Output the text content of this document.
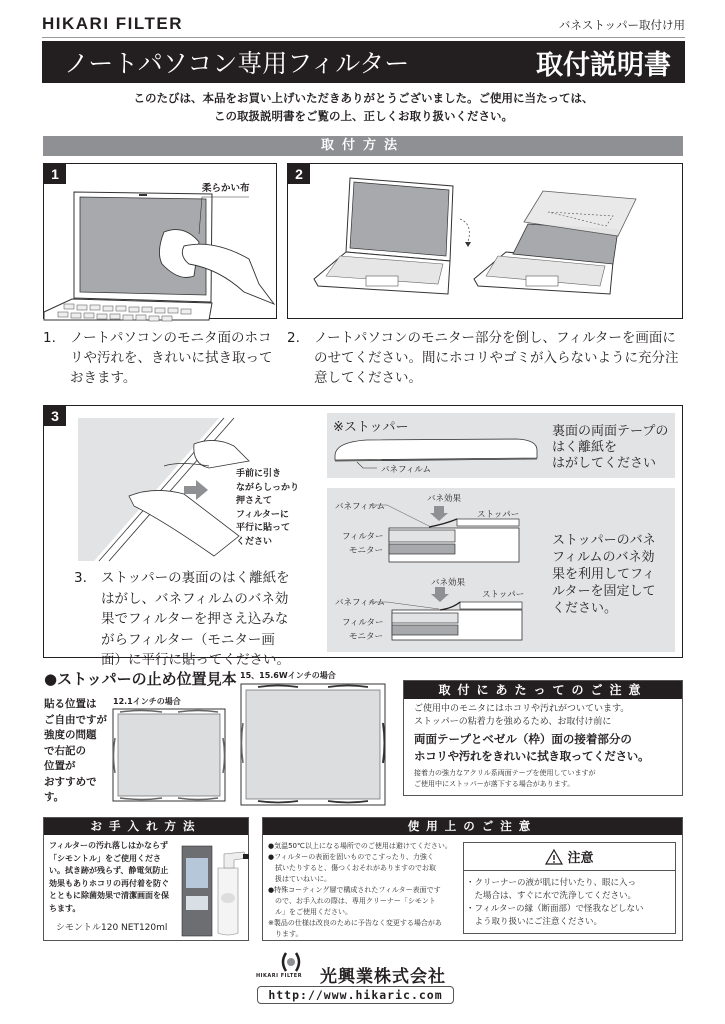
HIKARI FILTER	バネストッパー取付け用
ノートパソコン専用フィルター	取付説明書
このたびは、本品をお買い上げいただきありがとうございました。ご使用に当たっては、
この取扱説明書をご覧の上、正しくお取り扱いください。
取付方法
1
柔らかい布
2
1. ノートパソコンのモニタ面のホコ
リや汚れを、きれいに拭き取っておきます。
2. ノートパソコンのモニター部分を倒し、フィルターを画面に
のせてください。間にホコリやゴミが入らないように充分注意してください。
3
手前に引き
ながらしっかり
押さえて
フィルターに
平行に貼って
ください
3. ストッパーの裏面のはく離紙を
はがし、バネフィルムのバネ効
果でフィルターを押さえ込みな
がらフィルター（モニター画
面）に平行に貼ってください。
※ストッパー
バネフィルム
裏面の両面テープの
はく離紙を
はがしてください
バネ効果
バネフィルム
ストッパー
フィルター
モニター
バネ効果
バネフィルム
ストッパー
フィルター
モニター
ストッパーのバネ
フィルムのバネ効
果を利用してフィ
ルターを固定して
ください。
●ストッパーの止め位置見本
貼る位置は
ご自由ですが
強度の問題
で右記の
位置が
おすすめです。
12.1インチの場合
15、15.6Wインチの場合
取付にあたってのご注意
ご使用中のモニタにはホコリや汚れがついています。
ストッパーの粘着力を強めるため、お取付け前に
両面テープとベゼル（枠）面の接着部分の
ホコリや汚れをきれいに拭き取ってください。
接着力の強力なアクリル系両面テープを使用していますが
ご使用中にストッパーが落下する場合があります。
お手入れ方法
フィルターの汚れ落しはかならず
「シモントル」をご使用くださ
い。拭き跡が残らず、静電気防止
効果もありホコリの再付着を防ぐ
とともに除菌効果で清潔画面を保
ちます。
シモントル120 NET120ml
使用上のご注意
●気温50℃以上になる場所でのご使用は避けてください。
●フィルターの表面を固いものでこすったり、力強く
　拭いたりすると、傷つくおそれがありますのでお取
　扱はていねいに。
●特殊コーティング層で構成されたフィルター表面です
　ので、お手入れの際は、専用クリーナー「シモント
　ル」をご使用ください。
※製品の仕様は改良のために予告なく変更する場合があ
　ります。
注意
・クリーナーの液が肌に付いたり、眼に入っ
　た場合は、すぐに水で洗浄してください。
・フィルターの縁（断面部）で怪我などしない
　よう取り扱いにご注意ください。
HIKARI FILTER 光興業株式会社
http://www.hikaric.com
